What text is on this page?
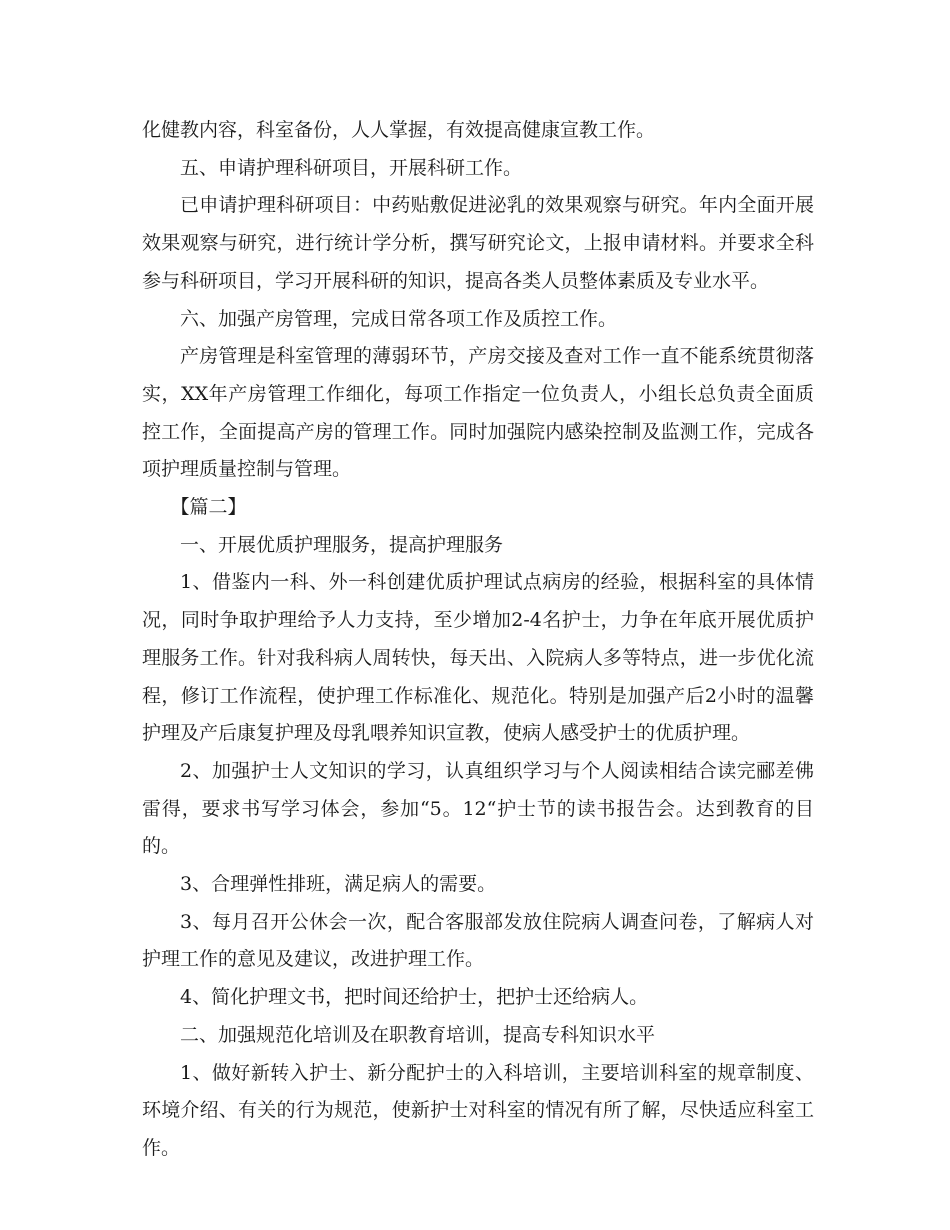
化健教内容，科室备份，人人掌握，有效提高健康宣教工作。

五、申请护理科研项目，开展科研工作。

已申请护理科研项目：中药贴敷促进泌乳的效果观察与研究。年内全面开展效果观察与研究，进行统计学分析，撰写研究论文，上报申请材料。并要求全科参与科研项目，学习开展科研的知识，提高各类人员整体素质及专业水平。

六、加强产房管理，完成日常各项工作及质控工作。

产房管理是科室管理的薄弱环节，产房交接及查对工作一直不能系统贯彻落实，XX年产房管理工作细化，每项工作指定一位负责人，小组长总负责全面质控工作，全面提高产房的管理工作。同时加强院内感染控制及监测工作，完成各项护理质量控制与管理。

【篇二】

一、开展优质护理服务，提高护理服务

1、借鉴内一科、外一科创建优质护理试点病房的经验，根据科室的具体情况，同时争取护理给予人力支持，至少增加2-4名护士，力争在年底开展优质护理服务工作。针对我科病人周转快，每天出、入院病人多等特点，进一步优化流程，修订工作流程，使护理工作标准化、规范化。特别是加强产后2小时的温馨护理及产后康复护理及母乳喂养知识宣教，使病人感受护士的优质护理。

2、加强护士人文知识的学习，认真组织学习与个人阅读相结合读完郦差佛雷得，要求书写学习体会，参加“5。12“护士节的读书报告会。达到教育的目的。

3、合理弹性排班，满足病人的需要。

3、每月召开公休会一次，配合客服部发放住院病人调查问卷，了解病人对护理工作的意见及建议，改进护理工作。

4、简化护理文书，把时间还给护士，把护士还给病人。

二、加强规范化培训及在职教育培训，提高专科知识水平

1、做好新转入护士、新分配护士的入科培训，主要培训科室的规章制度、环境介绍、有关的行为规范，使新护士对科室的情况有所了解，尽快适应科室工作。
